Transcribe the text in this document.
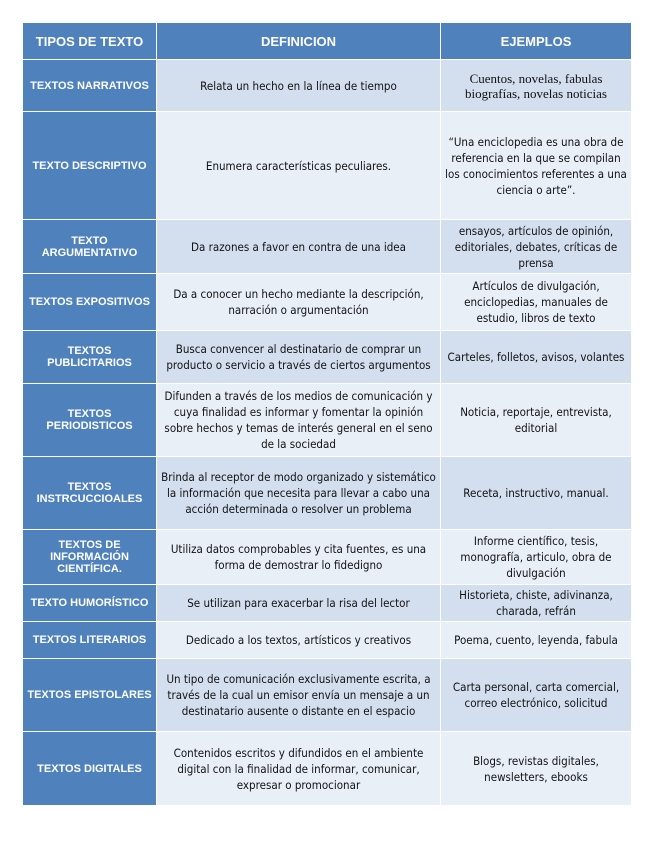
TIPOS DE TEXTO	DEFINICION	EJEMPLOS
TEXTOS NARRATIVOS	Relata un hecho en la línea de tiempo	Cuentos, novelas, fabulas biografías, novelas noticias
TEXTO DESCRIPTIVO	Enumera características peculiares.	“Una enciclopedia es una obra de referencia en la que se compilan los conocimientos referentes a una ciencia o arte”.
TEXTO ARGUMENTATIVO	Da razones a favor en contra de una idea	ensayos, artículos de opinión, editoriales, debates, críticas de prensa
TEXTOS EXPOSITIVOS	Da a conocer un hecho mediante la descripción, narración o argumentación	Artículos de divulgación, enciclopedias, manuales de estudio, libros de texto
TEXTOS PUBLICITARIOS	Busca convencer al destinatario de comprar un producto o servicio a través de ciertos argumentos	Carteles, folletos, avisos, volantes
TEXTOS PERIODISTICOS	Difunden a través de los medios de comunicación y cuya finalidad es informar y fomentar la opinión sobre hechos y temas de interés general en el seno de la sociedad	Noticia, reportaje, entrevista, editorial
TEXTOS INSTRCUCCIOALES	Brinda al receptor de modo organizado y sistemático la información que necesita para llevar a cabo una acción determinada o resolver un problema	Receta, instructivo, manual.
TEXTOS DE INFORMACIÓN CIENTÍFICA.	Utiliza datos comprobables y cita fuentes, es una forma de demostrar lo fidedigno	Informe científico, tesis, monografía, articulo, obra de divulgación
TEXTO HUMORÍSTICO	Se utilizan para exacerbar la risa del lector	Historieta, chiste, adivinanza, charada, refrán
TEXTOS LITERARIOS	Dedicado a los textos, artísticos y creativos	Poema, cuento, leyenda, fabula
TEXTOS EPISTOLARES	Un tipo de comunicación exclusivamente escrita, a través de la cual un emisor envía un mensaje a un destinatario ausente o distante en el espacio	Carta personal, carta comercial, correo electrónico, solicitud
TEXTOS DIGITALES	Contenidos escritos y difundidos en el ambiente digital con la finalidad de informar, comunicar, expresar o promocionar	Blogs, revistas digitales, newsletters, ebooks
